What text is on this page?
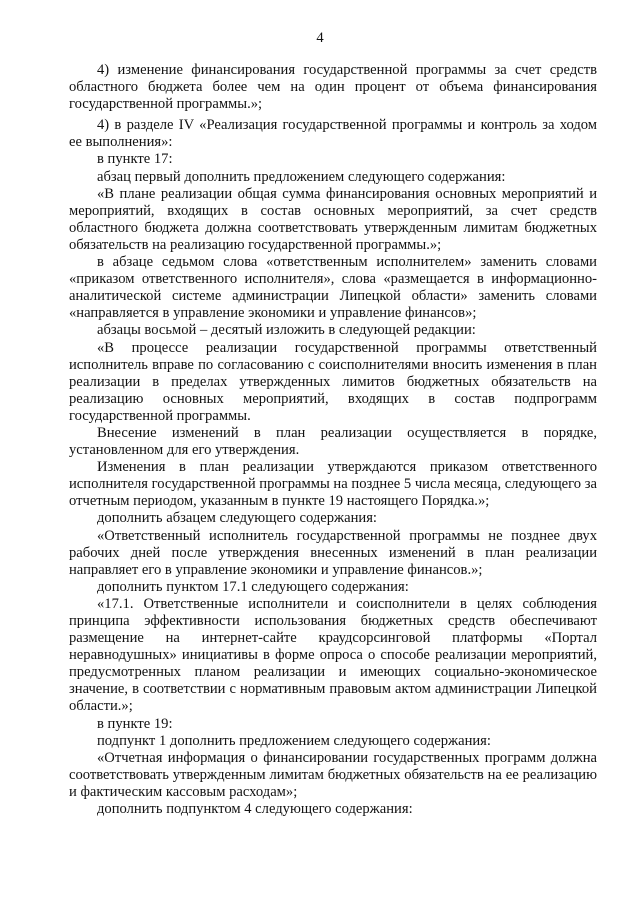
4

4) изменение финансирования государственной программы за счет средств областного бюджета более чем на один процент от объема финансирования государственной программы.»;

4) в разделе IV «Реализация государственной программы и контроль за ходом ее выполнения»:

в пункте 17:

абзац первый дополнить предложением следующего содержания:

«В плане реализации общая сумма финансирования основных мероприятий и мероприятий, входящих в состав основных мероприятий, за счет средств областного бюджета должна соответствовать утвержденным лимитам бюджетных обязательств на реализацию государственной программы.»;

в абзаце седьмом слова «ответственным исполнителем» заменить словами «приказом ответственного исполнителя», слова «размещается в информационно-аналитической системе администрации Липецкой области» заменить словами «направляется в управление экономики и управление финансов»;

абзацы восьмой – десятый изложить в следующей редакции:

«В процессе реализации государственной программы ответственный исполнитель вправе по согласованию с соисполнителями вносить изменения в план реализации в пределах утвержденных лимитов бюджетных обязательств на реализацию основных мероприятий, входящих в состав подпрограмм государственной программы.

Внесение изменений в план реализации осуществляется в порядке, установленном для его утверждения.

Изменения в план реализации утверждаются приказом ответственного исполнителя государственной программы на позднее 5 числа месяца, следующего за отчетным периодом, указанным в пункте 19 настоящего Порядка.»;

дополнить абзацем следующего содержания:

«Ответственный исполнитель государственной программы не позднее двух рабочих дней после утверждения внесенных изменений в план реализации направляет его в управление экономики и управление финансов.»;

дополнить пунктом 17.1 следующего содержания:

«17.1. Ответственные исполнители и соисполнители в целях соблюдения принципа эффективности использования бюджетных средств обеспечивают размещение на интернет-сайте краудсорсинговой платформы «Портал неравнодушных» инициативы в форме опроса о способе реализации мероприятий, предусмотренных планом реализации и имеющих социально-экономическое значение, в соответствии с нормативным правовым актом администрации Липецкой области.»;

в пункте 19:

подпункт 1 дополнить предложением следующего содержания:

«Отчетная информация о финансировании государственных программ должна соответствовать утвержденным лимитам бюджетных обязательств на ее реализацию и фактическим кассовым расходам»;

дополнить подпунктом 4 следующего содержания:
